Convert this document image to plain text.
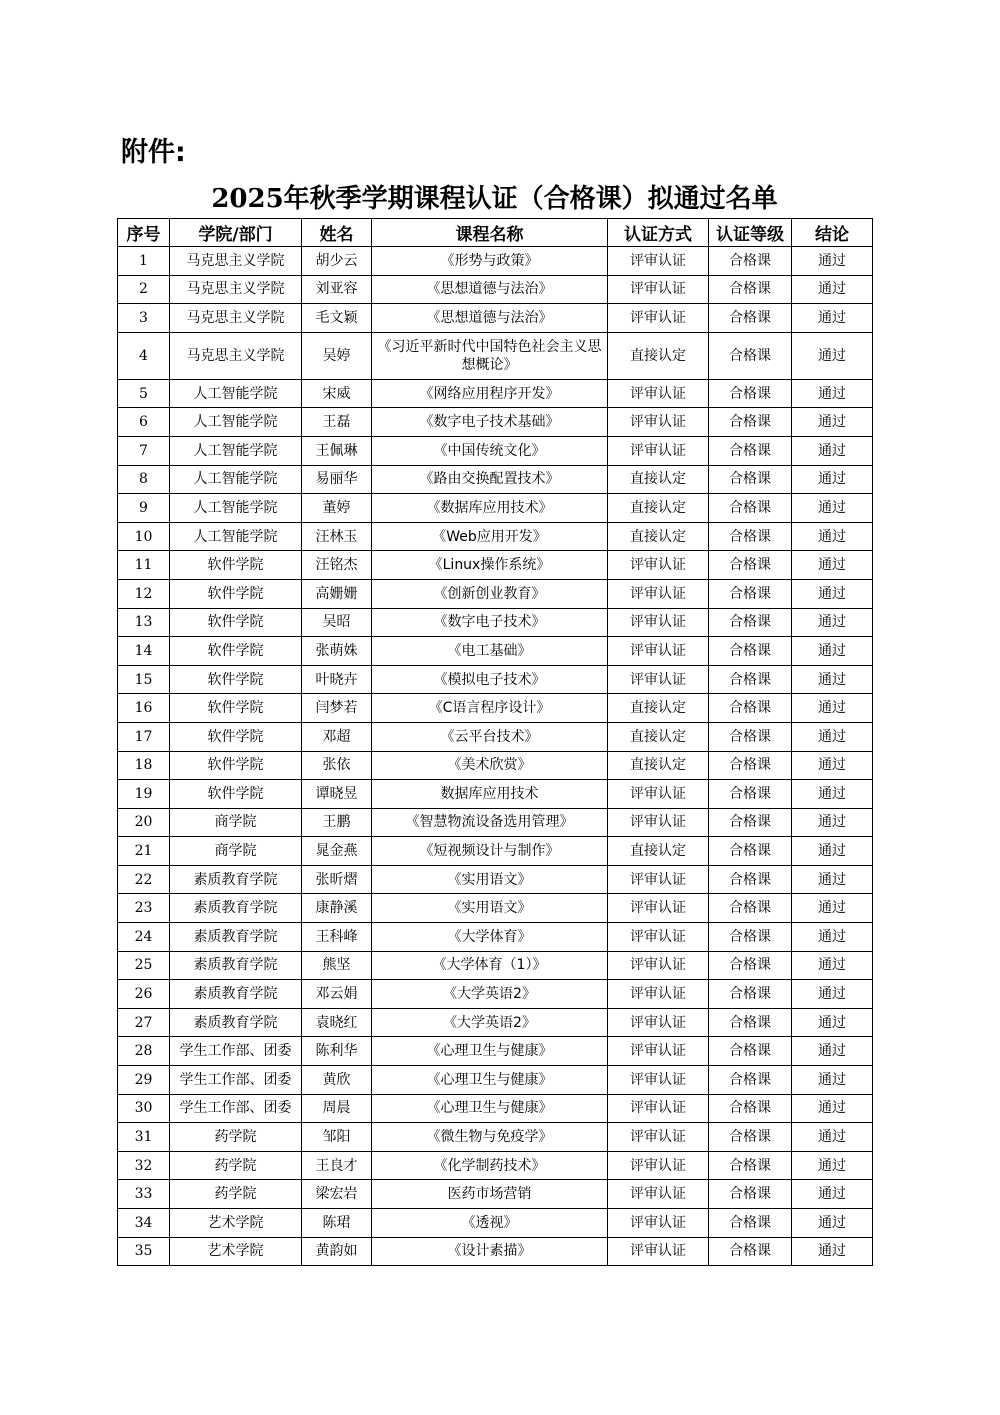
附件:
2025年秋季学期课程认证（合格课）拟通过名单
序号	学院/部门	姓名	课程名称	认证方式	认证等级	结论
1	马克思主义学院	胡少云	《形势与政策》	评审认证	合格课	通过
2	马克思主义学院	刘亚容	《思想道德与法治》	评审认证	合格课	通过
3	马克思主义学院	毛文颖	《思想道德与法治》	评审认证	合格课	通过
4	马克思主义学院	吴婷	《习近平新时代中国特色社会主义思想概论》	直接认定	合格课	通过
5	人工智能学院	宋威	《网络应用程序开发》	评审认证	合格课	通过
6	人工智能学院	王磊	《数字电子技术基础》	评审认证	合格课	通过
7	人工智能学院	王佩琳	《中国传统文化》	评审认证	合格课	通过
8	人工智能学院	易丽华	《路由交换配置技术》	直接认定	合格课	通过
9	人工智能学院	董婷	《数据库应用技术》	直接认定	合格课	通过
10	人工智能学院	汪林玉	《Web应用开发》	直接认定	合格课	通过
11	软件学院	汪铭杰	《Linux操作系统》	评审认证	合格课	通过
12	软件学院	高姗姗	《创新创业教育》	评审认证	合格课	通过
13	软件学院	吴昭	《数字电子技术》	评审认证	合格课	通过
14	软件学院	张萌姝	《电工基础》	评审认证	合格课	通过
15	软件学院	叶晓卉	《模拟电子技术》	评审认证	合格课	通过
16	软件学院	闫梦若	《C语言程序设计》	直接认定	合格课	通过
17	软件学院	邓超	《云平台技术》	直接认定	合格课	通过
18	软件学院	张依	《美术欣赏》	直接认定	合格课	通过
19	软件学院	谭晓昱	数据库应用技术	评审认证	合格课	通过
20	商学院	王鹏	《智慧物流设备选用管理》	评审认证	合格课	通过
21	商学院	晁金燕	《短视频设计与制作》	直接认定	合格课	通过
22	素质教育学院	张昕熠	《实用语文》	评审认证	合格课	通过
23	素质教育学院	康静溪	《实用语文》	评审认证	合格课	通过
24	素质教育学院	王科峰	《大学体育》	评审认证	合格课	通过
25	素质教育学院	熊坚	《大学体育（1）》	评审认证	合格课	通过
26	素质教育学院	邓云娟	《大学英语2》	评审认证	合格课	通过
27	素质教育学院	袁晓红	《大学英语2》	评审认证	合格课	通过
28	学生工作部、团委	陈利华	《心理卫生与健康》	评审认证	合格课	通过
29	学生工作部、团委	黄欣	《心理卫生与健康》	评审认证	合格课	通过
30	学生工作部、团委	周晨	《心理卫生与健康》	评审认证	合格课	通过
31	药学院	邹阳	《微生物与免疫学》	评审认证	合格课	通过
32	药学院	王良才	《化学制药技术》	评审认证	合格课	通过
33	药学院	梁宏岩	医药市场营销	评审认证	合格课	通过
34	艺术学院	陈珺	《透视》	评审认证	合格课	通过
35	艺术学院	黄韵如	《设计素描》	评审认证	合格课	通过
